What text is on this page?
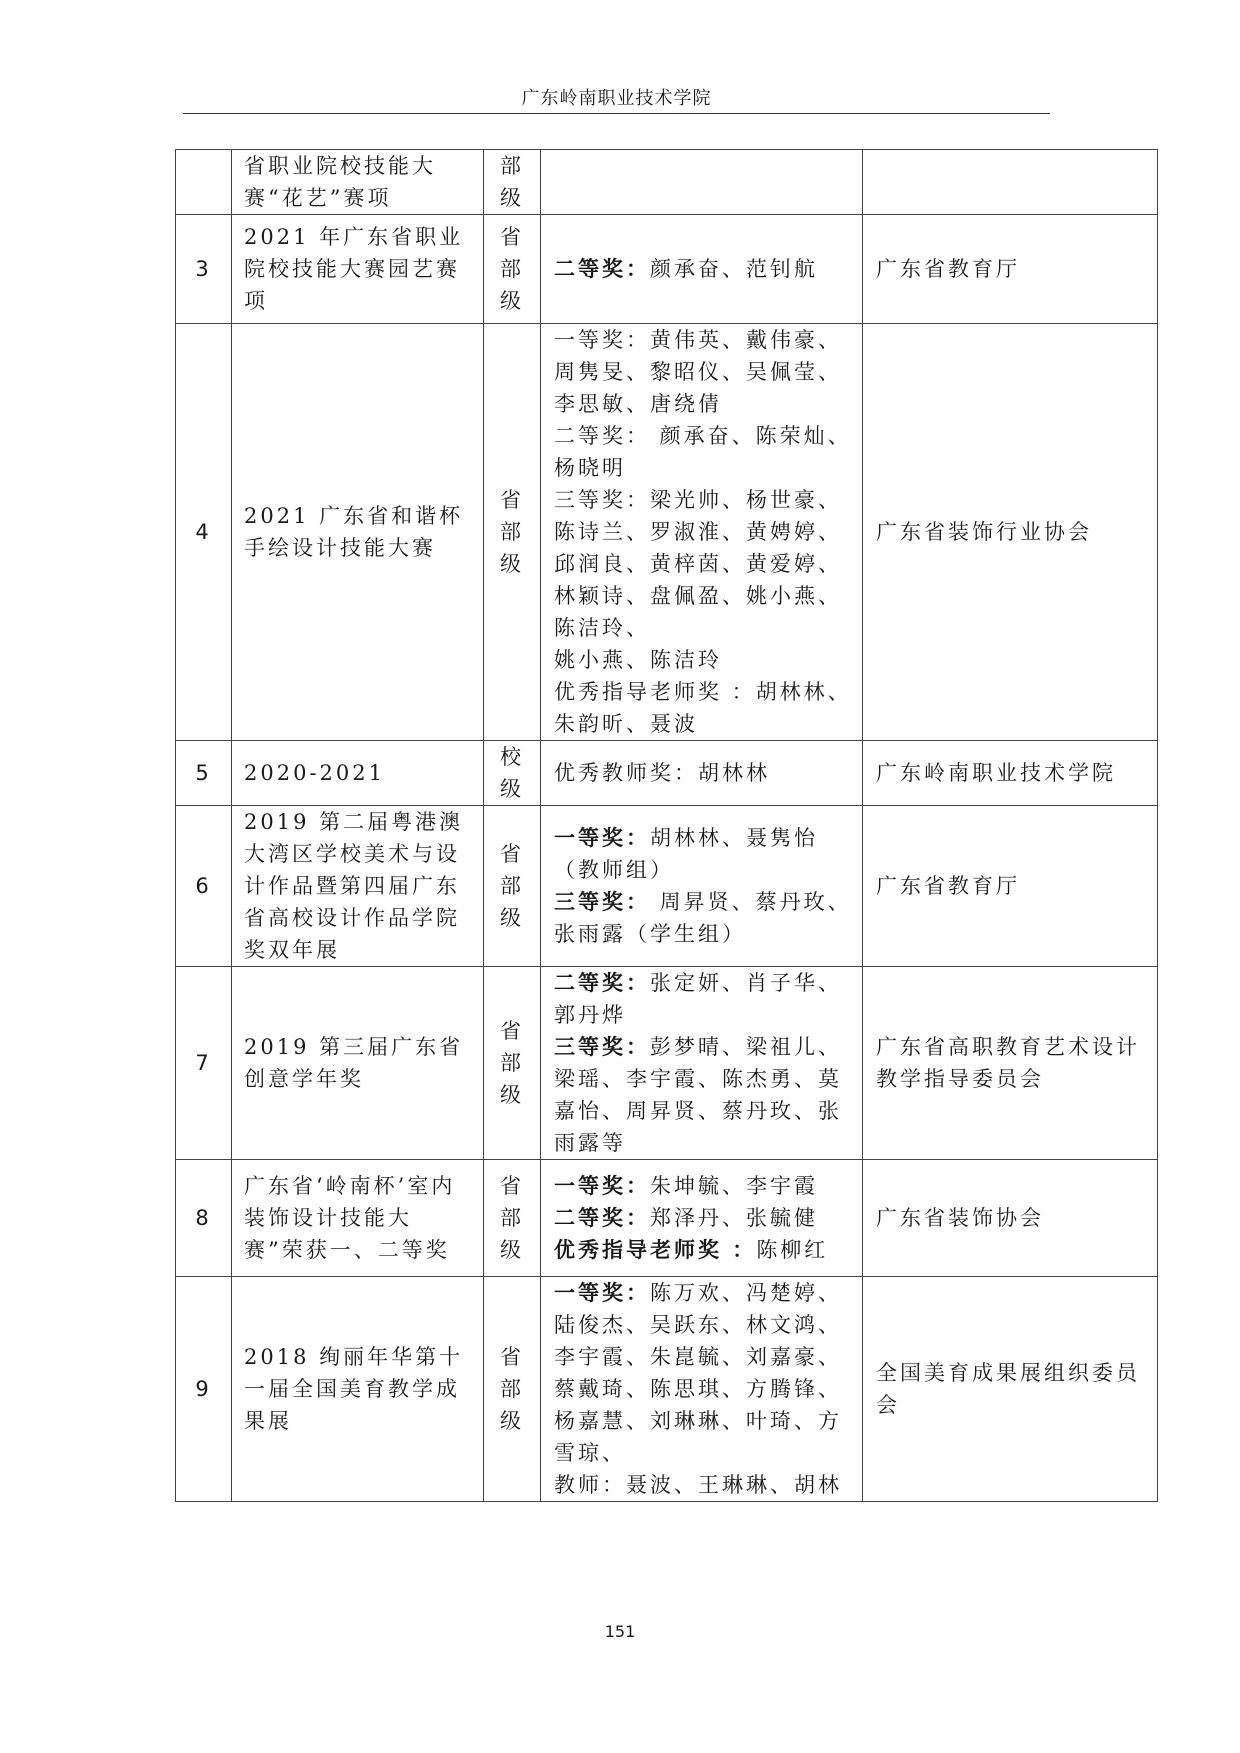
广东岭南职业技术学院
	省职业院校技能大赛“花艺”赛项	部
级		

3	2021 年广东省职业院校技能大赛园艺赛项	省
部
级	二等奖：颜承奋、范钊航	广东省教育厅
4	2021 广东省和谐杯手绘设计技能大赛	省
部
级	一等奖：黄伟英、戴伟豪、周隽旻、黎昭仪、吴佩莹、李思敏、唐绕倩
二等奖： 颜承奋、陈荣灿、杨晓明
三等奖：梁光帅、杨世豪、陈诗兰、罗淑淮、黄娉婷、邱润良、黄梓茵、黄爱婷、林颖诗、盘佩盈、姚小燕、陈洁玲、
姚小燕、陈洁玲
优秀指导老师奖 ：胡林林、朱韵昕、聂波	广东省装饰行业协会
5	2020-2021	校
级	优秀教师奖：胡林林	广东岭南职业技术学院
6	2019 第二届粤港澳大湾区学校美术与设计作品暨第四届广东省高校设计作品学院奖双年展	省
部
级	一等奖：胡林林、聂隽怡（教师组）
三等奖： 周昇贤、蔡丹玫、张雨露（学生组）	广东省教育厅
7	2019 第三届广东省创意学年奖	省
部
级	二等奖：张定妍、肖子华、郭丹烨
三等奖：彭梦晴、梁祖儿、梁瑶、李宇霞、陈杰勇、莫嘉怡、周昇贤、蔡丹玫、张雨露等	广东省高职教育艺术设计教学指导委员会
8	广东省‘岭南杯’室内装饰设计技能大赛”荣获一、二等奖	省
部
级	一等奖：朱坤毓、李宇霞
二等奖：郑泽丹、张毓健
优秀指导老师奖 ：陈柳红	广东省装饰协会
9	2018 绚丽年华第十一届全国美育教学成果展	省
部
级	一等奖：陈万欢、冯楚婷、陆俊杰、吴跃东、林文鸿、李宇霞、朱崑毓、刘嘉豪、蔡戴琦、陈思琪、方腾锋、杨嘉慧、刘琳琳、叶琦、方雪琼、
教师：聂波、王琳琳、胡林	全国美育成果展组织委员会
151
